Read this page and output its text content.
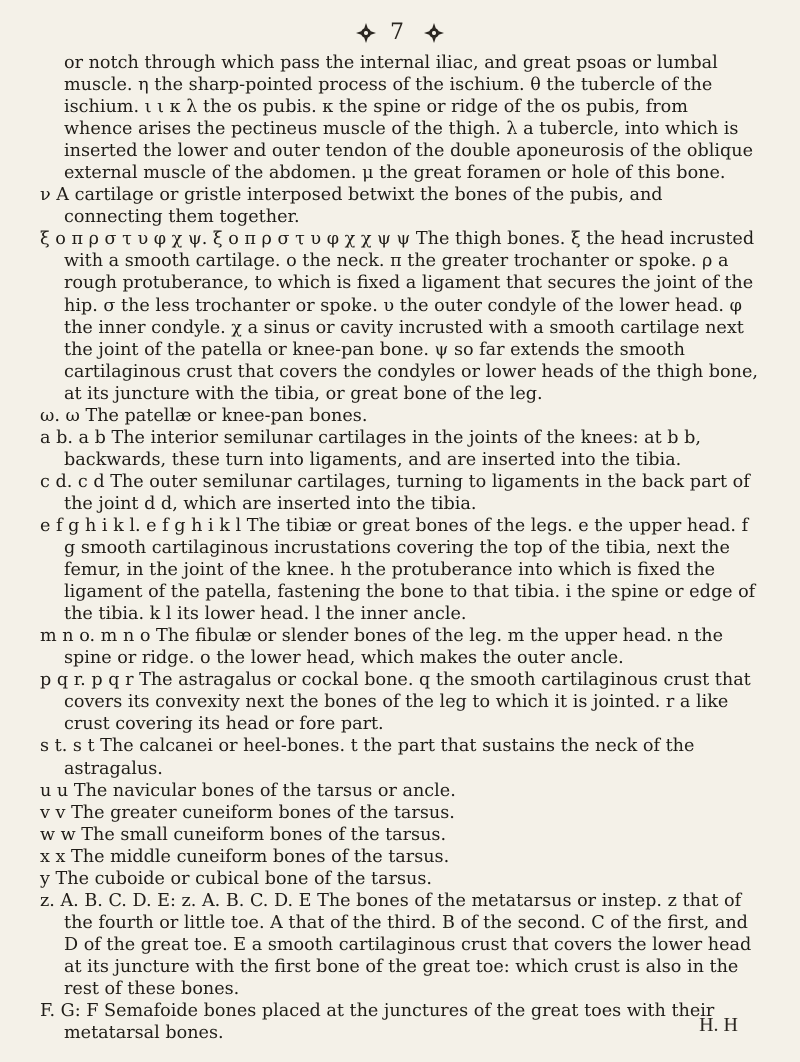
7

or notch through which pass the internal iliac, and great psoas or lumbal muscle. η the sharp-pointed process of the ischium. θ the tubercle of the ischium. ι ι κ λ the os pubis. κ the spine or ridge of the os pubis, from whence arises the pectineus muscle of the thigh. λ a tubercle, into which is inserted the lower and outer tendon of the double aponeurosis of the oblique external muscle of the abdomen. μ the great foramen or hole of this bone.

ν A cartilage or gristle interposed betwixt the bones of the pubis, and connecting them together.

ξ ο π ρ σ τ υ φ χ ψ. ξ ο π ρ σ τ υ φ χ χ ψ ψ The thigh bones. ξ the head incrusted with a smooth cartilage. ο the neck. π the greater trochanter or spoke. ρ a rough protuberance, to which is fixed a ligament that secures the joint of the hip. σ the less trochanter or spoke. υ the outer condyle of the lower head. φ the inner condyle. χ a sinus or cavity incrusted with a smooth cartilage next the joint of the patella or knee-pan bone. ψ so far extends the smooth cartilaginous crust that covers the condyles or lower heads of the thigh bone, at its juncture with the tibia, or great bone of the leg.

ω. ω The patellæ or knee-pan bones.

a b. a b The interior semilunar cartilages in the joints of the knees: at b b, backwards, these turn into ligaments, and are inserted into the tibia.

c d. c d The outer semilunar cartilages, turning to ligaments in the back part of the joint d d, which are inserted into the tibia.

e f g h i k l. e f g h i k l The tibiæ or great bones of the legs. e the upper head. f g smooth cartilaginous incrustations covering the top of the tibia, next the femur, in the joint of the knee. h the protuberance into which is fixed the ligament of the patella, fastening the bone to that tibia. i the spine or edge of the tibia. k l its lower head. l the inner ancle.

m n o. m n o The fibulæ or slender bones of the leg. m the upper head. n the spine or ridge. o the lower head, which makes the outer ancle.

p q r. p q r The astragalus or cockal bone. q the smooth cartilaginous crust that covers its convexity next the bones of the leg to which it is jointed. r a like crust covering its head or fore part.

s t. s t The calcanei or heel-bones. t the part that sustains the neck of the astragalus.

u u The navicular bones of the tarsus or ancle.

v v The greater cuneiform bones of the tarsus.

w w The small cuneiform bones of the tarsus.

x x The middle cuneiform bones of the tarsus.

y The cuboide or cubical bone of the tarsus.

z. A. B. C. D. E: z. A. B. C. D. E The bones of the metatarsus or instep. z that of the fourth or little toe. A that of the third. B of the second. C of the first, and D of the great toe. E a smooth cartilaginous crust that covers the lower head at its juncture with the first bone of the great toe: which crust is also in the rest of these bones.

F. G: F Semafoide bones placed at the junctures of the great toes with their metatarsal bones.	H. H
